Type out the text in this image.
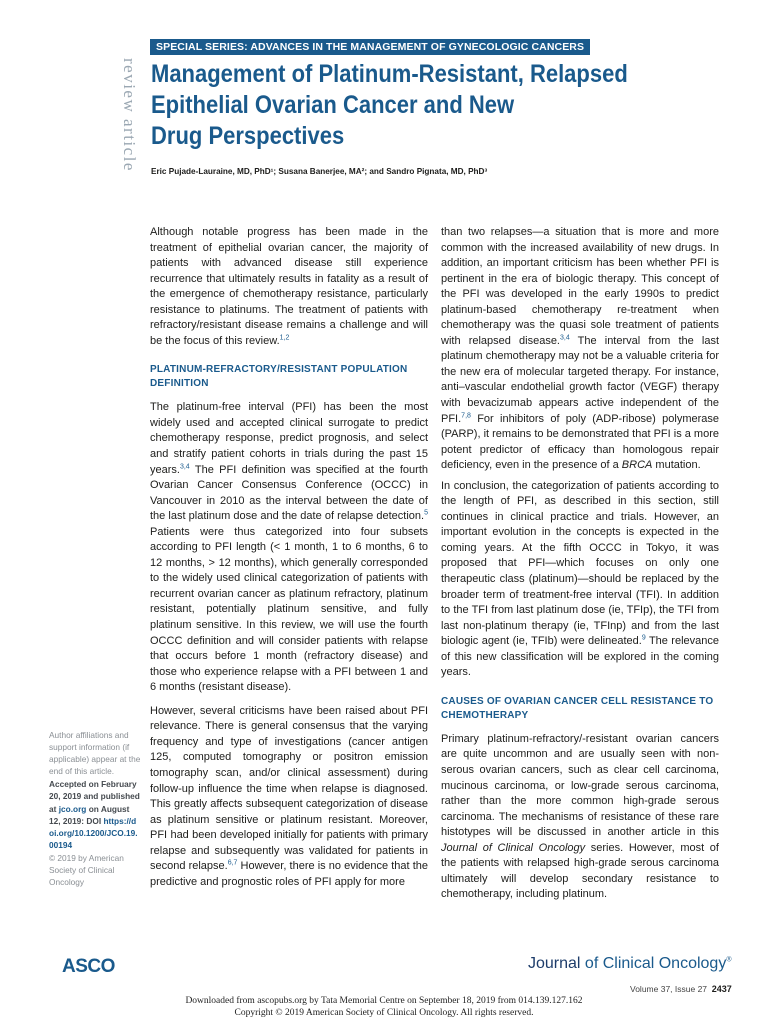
SPECIAL SERIES: ADVANCES IN THE MANAGEMENT OF GYNECOLOGIC CANCERS
review article Management of Platinum-Resistant, Relapsed
Epithelial Ovarian Cancer and New
Drug Perspectives
Eric Pujade-Lauraine, MD, PhD¹; Susana Banerjee, MA²; and Sandro Pignata, MD, PhD³

Although notable progress has been made in the treatment of epithelial ovarian cancer, the majority of patients with advanced disease still experience recurrence that ultimately results in fatality as a result of the emergence of chemotherapy resistance, particularly resistance to platinums. The treatment of patients with refractory/resistant disease remains a challenge and will be the focus of this review.$^{1,2}$

PLATINUM-REFRACTORY/RESISTANT POPULATION DEFINITION

The platinum-free interval (PFI) has been the most widely used and accepted clinical surrogate to predict chemotherapy response, predict prognosis, and select and stratify patient cohorts in trials during the past 15 years.$^{3,4}$ The PFI definition was specified at the fourth Ovarian Cancer Consensus Conference (OCCC) in Vancouver in 2010 as the interval between the date of the last platinum dose and the date of relapse detection.$^5$ Patients were thus categorized into four subsets according to PFI length (< 1 month, 1 to 6 months, 6 to 12 months, > 12 months), which generally corresponded to the widely used clinical categorization of patients with recurrent ovarian cancer as platinum refractory, platinum resistant, potentially platinum sensitive, and fully platinum sensitive. In this review, we will use the fourth OCCC definition and will consider patients with relapse that occurs before 1 month (refractory disease) and those who experience relapse with a PFI between 1 and 6 months (resistant disease).

However, several criticisms have been raised about PFI relevance. There is general consensus that the varying frequency and type of investigations (cancer antigen 125, computed tomography or positron emission tomography scan, and/or clinical assessment) during follow-up influence the time when relapse is diagnosed. This greatly affects subsequent categorization of disease as platinum sensitive or platinum resistant. Moreover, PFI had been developed initially for patients with primary relapse and subsequently was validated for patients in second relapse.$^{6,7}$ However, there is no evidence that the predictive and prognostic roles of PFI apply for more

than two relapses—a situation that is more and more common with the increased availability of new drugs. In addition, an important criticism has been whether PFI is pertinent in the era of biologic therapy. This concept of the PFI was developed in the early 1990s to predict platinum-based chemotherapy re-treatment when chemotherapy was the quasi sole treatment of patients with relapsed disease.$^{3,4}$ The interval from the last platinum chemotherapy may not be a valuable criteria for the new era of molecular targeted therapy. For instance, anti–vascular endothelial growth factor (VEGF) therapy with bevacizumab appears active independent of the PFI.$^{7,8}$ For inhibitors of poly (ADP-ribose) polymerase (PARP), it remains to be demonstrated that PFI is a more potent predictor of efficacy than homologous repair deficiency, even in the presence of a BRCA mutation.

In conclusion, the categorization of patients according to the length of PFI, as described in this section, still continues in clinical practice and trials. However, an important evolution in the concepts is expected in the coming years. At the fifth OCCC in Tokyo, it was proposed that PFI—which focuses on only one therapeutic class (platinum)—should be replaced by the broader term of treatment-free interval (TFI). In addition to the TFI from last platinum dose (ie, TFIp), the TFI from last non-platinum therapy (ie, TFInp) and from the last biologic agent (ie, TFIb) were delineated.$^9$ The relevance of this new classification will be explored in the coming years.

CAUSES OF OVARIAN CANCER CELL RESISTANCE TO CHEMOTHERAPY

Primary platinum-refractory/-resistant ovarian cancers are quite uncommon and are usually seen with non-serous ovarian cancers, such as clear cell carcinoma, mucinous carcinoma, or low-grade serous carcinoma, rather than the more common high-grade serous carcinoma. The mechanisms of resistance of these rare histotypes will be discussed in another article in this Journal of Clinical Oncology series. However, most of the patients with relapsed high-grade serous carcinoma ultimately will develop secondary resistance to chemotherapy, including platinum.

Author affiliations and support information (if applicable) appear at the end of this article.

Accepted on February 20, 2019 and published at jco.org on August 12, 2019: DOI https://doi.org/10.1200/JCO.19.00194

© 2019 by American Society of Clinical Oncology

ASCO	Journal of Clinical Oncology®
Volume 37, Issue 27 2437
Downloaded from ascopubs.org by Tata Memorial Centre on September 18, 2019 from 014.139.127.162
Copyright © 2019 American Society of Clinical Oncology. All rights reserved.
